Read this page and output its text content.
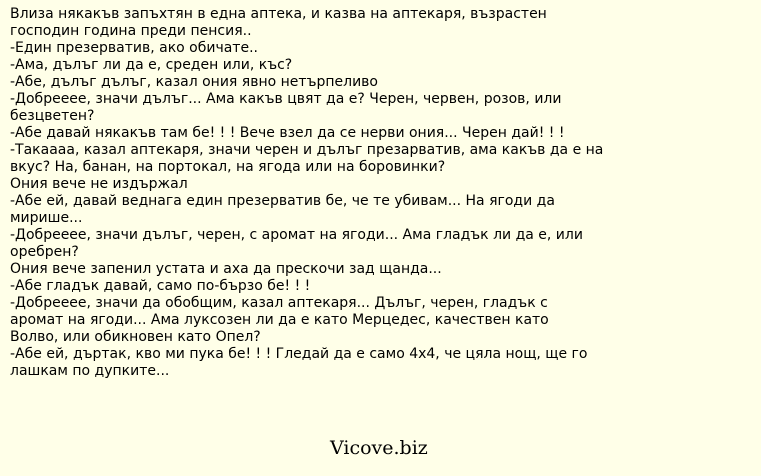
Влиза някакъв запъхтян в една аптека, и казва на аптекаря, възрастен
господин година преди пенсия..
-Един презерватив, ако обичате..
-Ама, дълъг ли да е, среден или, къс?
-Абе, дълъг дълъг, казал ония явно нетърпеливо
-Добреееe, значи дълъг... Ама какъв цвят да е? Черен, червен, розов, или
безцветен?
-Абе давай някакъв там бе! ! ! Вече взел да се нерви ония... Черен дай! ! !
-Такаааа, казал аптекаря, значи черен и дълъг презарватив, ама какъв да е на
вкус? На, банан, на портокал, на ягода или на боровинки?
Ония вече не издържал
-Абе ей, давай веднага един презерватив бе, че те убивам... На ягоди да
мирише...
-Добреееe, значи дълъг, черен, с аромат на ягоди... Ама гладък ли да е, или
оребрен?
Ония вече запенил устата и аха да прескочи зад щанда...
-Абе гладък давай, само по-бързо бе! ! !
-Добреееe, значи да обобщим, казал аптекаря... Дълъг, черен, гладък с
аромат на ягоди... Ама луксозен ли да е като Мерцедес, качествен като
Волво, или обикновен като Опел?
-Абе ей, дъртак, кво ми пука бе! ! ! Гледай да е само 4х4, че цяла нощ, ще го
лашкам по дупките...
Vicove.biz
